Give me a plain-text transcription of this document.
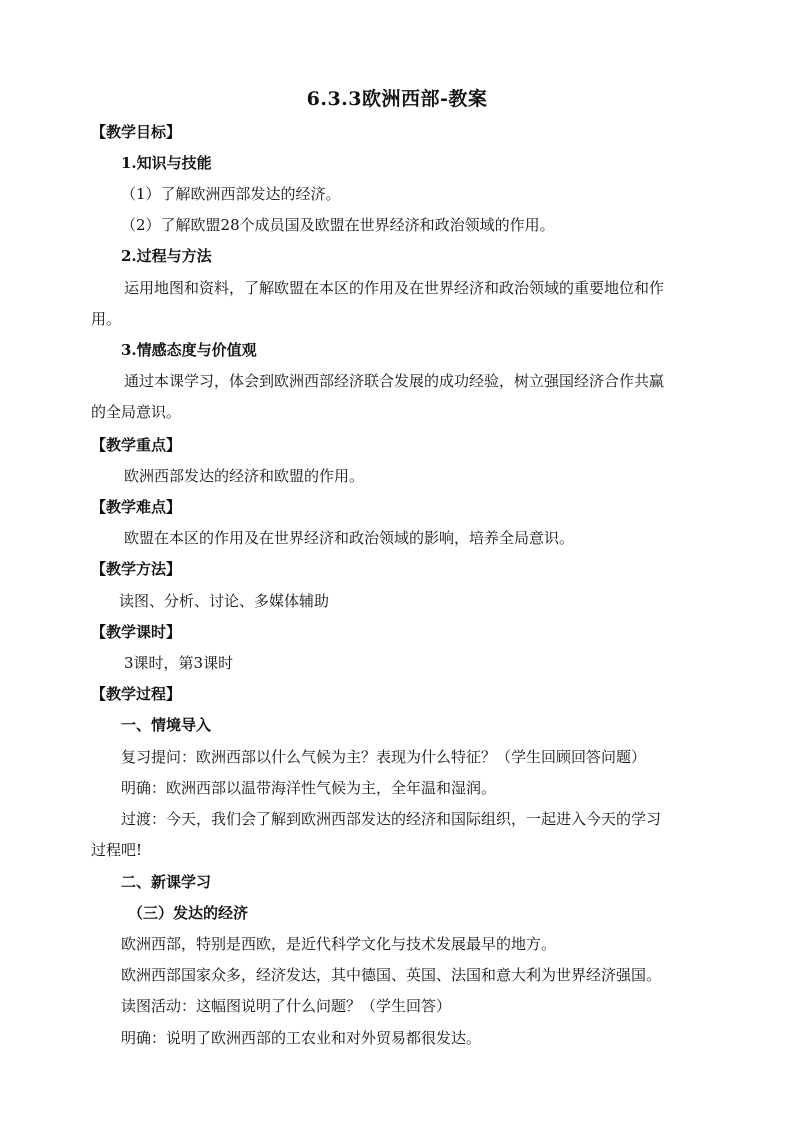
6.3.3欧洲西部-教案
【教学目标】
1.知识与技能
（1）了解欧洲西部发达的经济。
（2）了解欧盟28个成员国及欧盟在世界经济和政治领域的作用。
2.过程与方法
运用地图和资料，了解欧盟在本区的作用及在世界经济和政治领域的重要地位和作
用。
3.情感态度与价值观
通过本课学习，体会到欧洲西部经济联合发展的成功经验，树立强国经济合作共赢
的全局意识。
【教学重点】
欧洲西部发达的经济和欧盟的作用。
【教学难点】
欧盟在本区的作用及在世界经济和政治领域的影响，培养全局意识。
【教学方法】
读图、分析、讨论、多媒体辅助
【教学课时】
3课时，第3课时
【教学过程】
一、情境导入
复习提问：欧洲西部以什么气候为主？表现为什么特征？（学生回顾回答问题）
明确：欧洲西部以温带海洋性气候为主，全年温和湿润。
过渡：今天，我们会了解到欧洲西部发达的经济和国际组织，一起进入今天的学习
过程吧!
二、新课学习
（三）发达的经济
欧洲西部，特别是西欧，是近代科学文化与技术发展最早的地方。
欧洲西部国家众多，经济发达，其中德国、英国、法国和意大利为世界经济强国。
读图活动：这幅图说明了什么问题？（学生回答）
明确：说明了欧洲西部的工农业和对外贸易都很发达。
